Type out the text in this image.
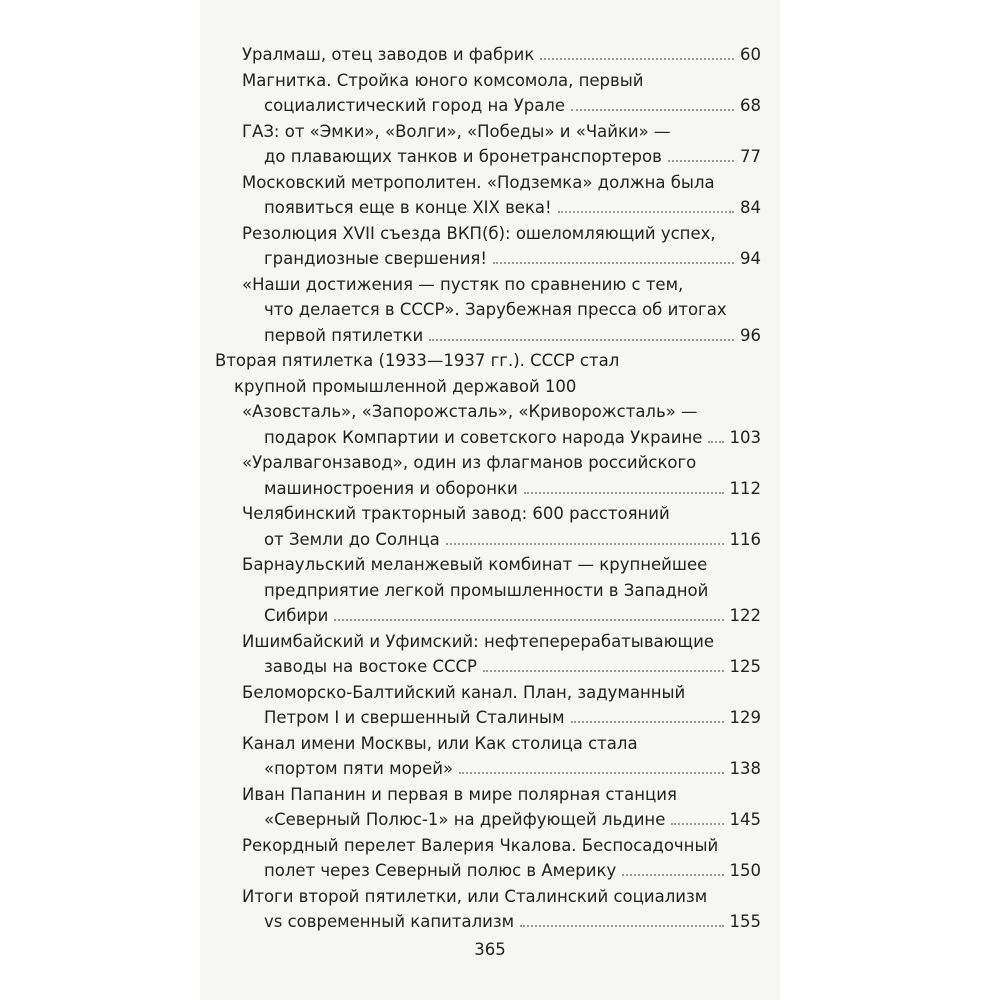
Уралмаш, отец заводов и фабрик	60
Магнитка. Стройка юного комсомола, первый
социалистический город на Урале	68
ГАЗ: от «Эмки», «Волги», «Победы» и «Чайки» —
до плавающих танков и бронетранспортеров	77
Московский метрополитен. «Подземка» должна была
появиться еще в конце XIX века!	84
Резолюция XVII съезда ВКП(б): ошеломляющий успех,
грандиозные свершения!	94
«Наши достижения — пустяк по сравнению с тем,
что делается в СССР». Зарубежная пресса об итогах
первой пятилетки	96
Вторая пятилетка (1933—1937 гг.). СССР стал
крупной промышленной державой 100
«Азовсталь», «Запорожсталь», «Криворожсталь» —
подарок Компартии и советского народа Украине 103
«Уралвагонзавод», один из флагманов российского
машиностроения и оборонки	112
Челябинский тракторный завод: 600 расстояний
от Земли до Солнца	116
Барнаульский меланжевый комбинат — крупнейшее
предприятие легкой промышленности в Западной
Сибири	122
Ишимбайский и Уфимский: нефтеперерабатывающие
заводы на востоке СССР	125
Беломорско-Балтийский канал. План, задуманный
Петром I и свершенный Сталиным	129
Канал имени Москвы, или Как столица стала
«портом пяти морей»	138
Иван Папанин и первая в мире полярная станция
«Северный Полюс-1» на дрейфующей льдине	145
Рекордный перелет Валерия Чкалова. Беспосадочный
полет через Северный полюс в Америку	150
Итоги второй пятилетки, или Сталинский социализм
vs современный капитализм	155
365
